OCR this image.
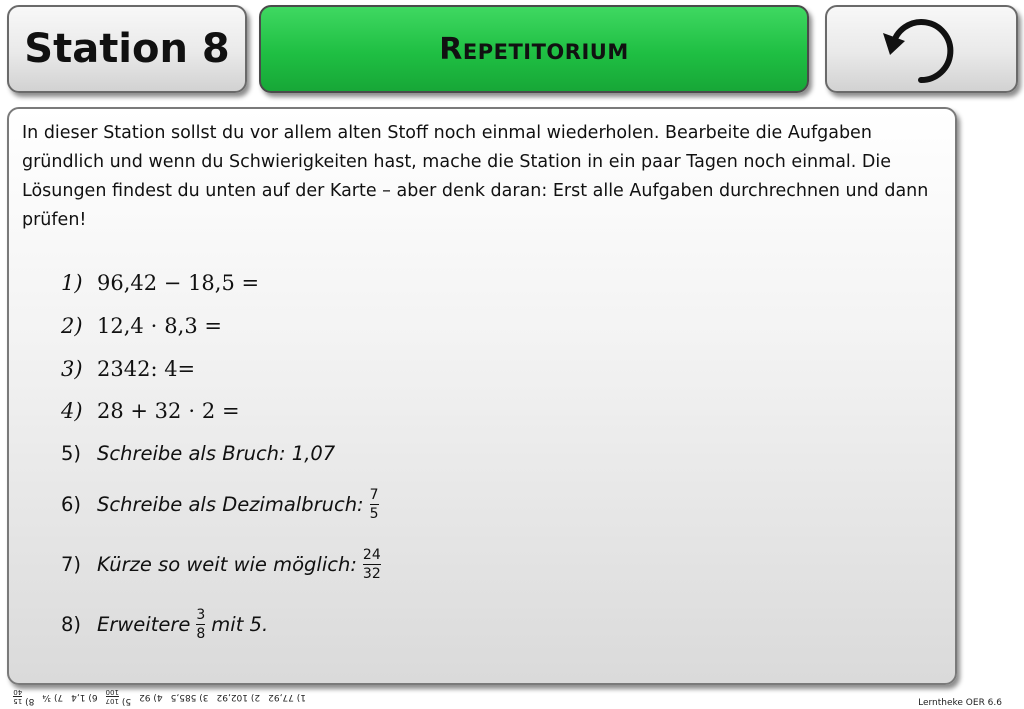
Station 8	Repetitorium

In dieser Station sollst du vor allem alten Stoff noch einmal wiederholen. Bearbeite die Aufgaben gründlich und wenn du Schwierigkeiten hast, mache die Station in ein paar Tagen noch einmal. Die Lösungen findest du unten auf der Karte – aber denk daran: Erst alle Aufgaben durchrechnen und dann prüfen!

1) 96,42 − 18,5 =
2) 12,4 ⋅ 8,3 =
3) 2342: 4=
4) 28 + 32 ⋅ 2 =
5) Schreibe als Bruch: 1,07
6) Schreibe als Dezimalbruch: $\frac{7}{5}$
7) Kürze so weit wie möglich: $\frac{24}{32}$
8) Erweitere $\frac{3}{8}$ mit 5.
1) 77,92
2) 102,92
3) 585,5
4) 92
5)
107
100
6) 1,4
7) ¾
8)
15
40
Lerntheke OER 6.6
